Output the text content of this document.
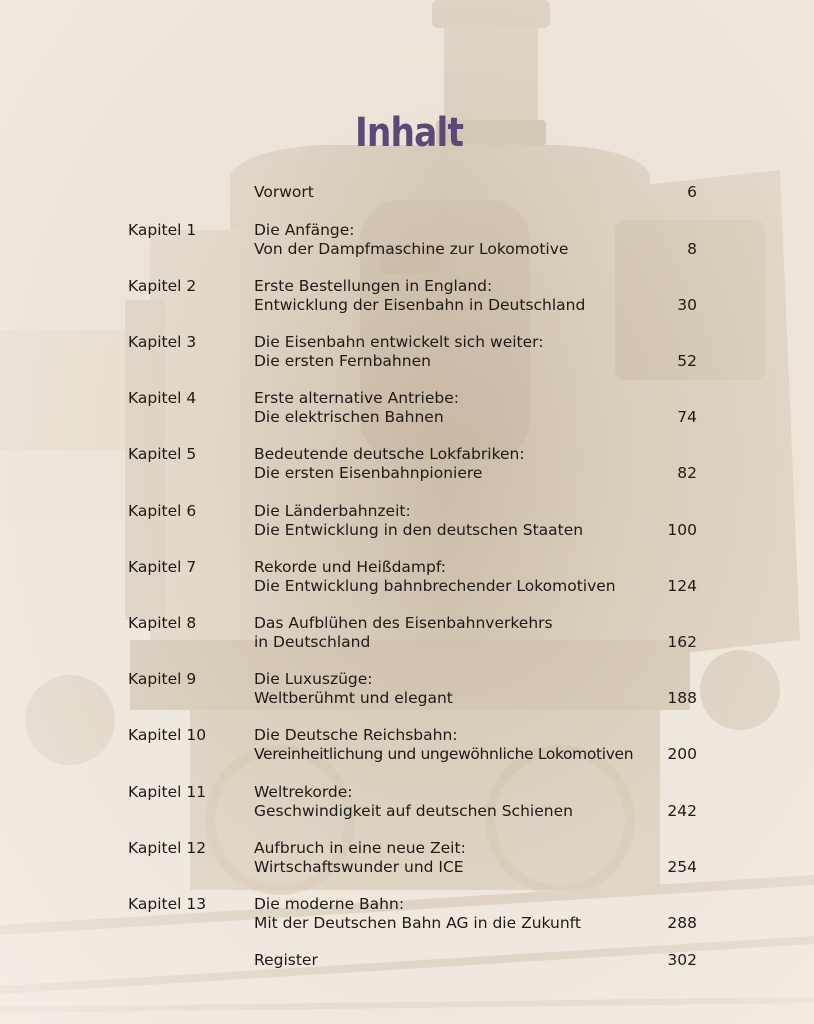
Inhalt
Vorwort	6
Kapitel 1	Die Anfänge:
Von der Dampfmaschine zur Lokomotive	8
Kapitel 2	Erste Bestellungen in England:
Entwicklung der Eisenbahn in Deutschland	30
Kapitel 3	Die Eisenbahn entwickelt sich weiter:
Die ersten Fernbahnen	52
Kapitel 4	Erste alternative Antriebe:
Die elektrischen Bahnen	74
Kapitel 5	Bedeutende deutsche Lokfabriken:
Die ersten Eisenbahnpioniere	82
Kapitel 6	Die Länderbahnzeit:
Die Entwicklung in den deutschen Staaten	100
Kapitel 7	Rekorde und Heißdampf:
Die Entwicklung bahnbrechender Lokomotiven	124
Kapitel 8	Das Aufblühen des Eisenbahnverkehrs
in Deutschland	162
Kapitel 9	Die Luxuszüge:
Weltberühmt und elegant	188
Kapitel 10	Die Deutsche Reichsbahn:
Vereinheitlichung und ungewöhnliche Lokomotiven 200
Kapitel 11	Weltrekorde:
Geschwindigkeit auf deutschen Schienen	242
Kapitel 12	Aufbruch in eine neue Zeit:
Wirtschaftswunder und ICE	254
Kapitel 13	Die moderne Bahn:
Mit der Deutschen Bahn AG in die Zukunft	288
Register	302
